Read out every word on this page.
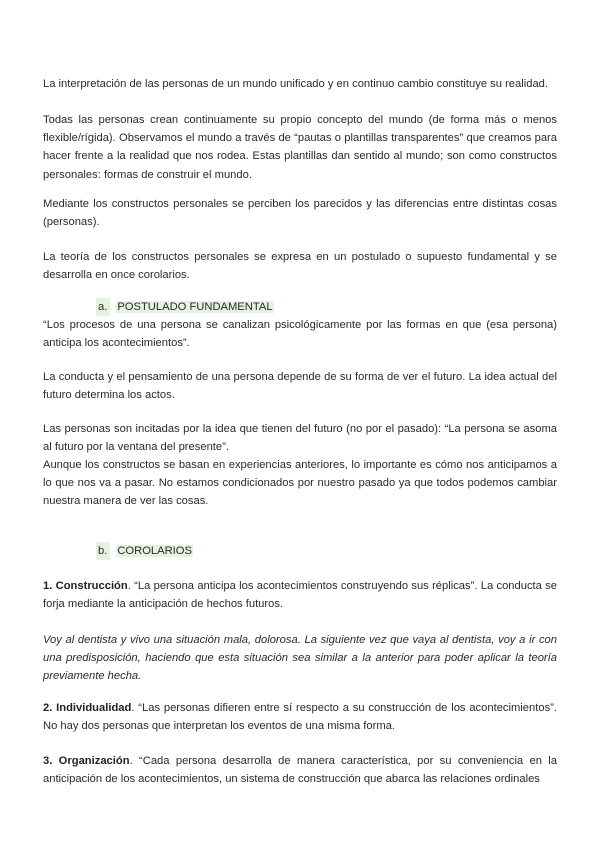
La interpretación de las personas de un mundo unificado y en continuo cambio constituye su realidad.

Todas las personas crean continuamente su propio concepto del mundo (de forma más o menos flexible/rígida). Observamos el mundo a través de “pautas o plantillas transparentes” que creamos para hacer frente a la realidad que nos rodea. Estas plantillas dan sentido al mundo; son como constructos personales: formas de construir el mundo.

Mediante los constructos personales se perciben los parecidos y las diferencias entre distintas cosas (personas).

La teoría de los constructos personales se expresa en un postulado o supuesto fundamental y se desarrolla en once corolarios.

a. POSTULADO FUNDAMENTAL

“Los procesos de una persona se canalizan psicológicamente por las formas en que (esa persona) anticipa los acontecimientos”.

La conducta y el pensamiento de una persona depende de su forma de ver el futuro. La idea actual del futuro determina los actos.

Las personas son incitadas por la idea que tienen del futuro (no por el pasado): “La persona se asoma al futuro por la ventana del presente”.

Aunque los constructos se basan en experiencias anteriores, lo importante es cómo nos anticipamos a lo que nos va a pasar. No estamos condicionados por nuestro pasado ya que todos podemos cambiar nuestra manera de ver las cosas.

b. COROLARIOS

1. Construcción. “La persona anticipa los acontecimientos construyendo sus réplicas”. La conducta se forja mediante la anticipación de hechos futuros.

Voy al dentista y vivo una situación mala, dolorosa. La siguiente vez que vaya al dentista, voy a ir con una predisposición, haciendo que esta situación sea similar a la anterior para poder aplicar la teoría previamente hecha.

2. Individualidad. “Las personas difieren entre sí respecto a su construcción de los acontecimientos”. No hay dos personas que interpretan los eventos de una misma forma.

3. Organización. “Cada persona desarrolla de manera característica, por su conveniencia en la anticipación de los acontecimientos, un sistema de construcción que abarca las relaciones ordinales
